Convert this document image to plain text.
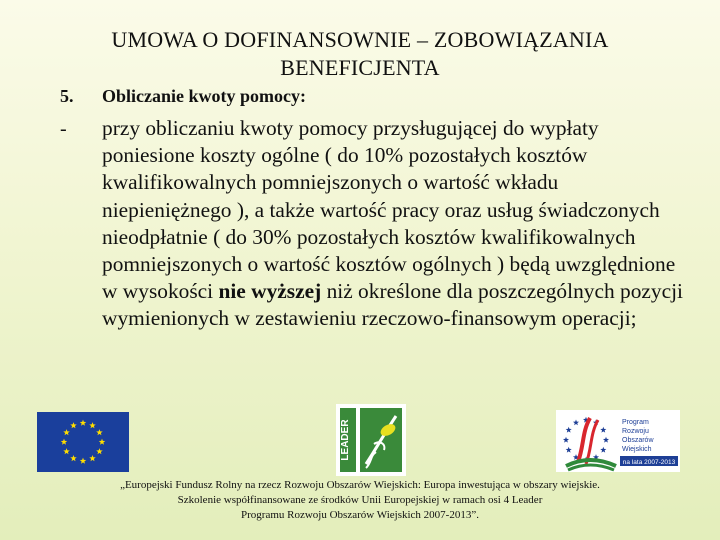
UMOWA O DOFINANSOWNIE – ZOBOWIĄZANIA
BENEFICJENTA
5. Obliczanie kwoty pomocy:
- przy obliczaniu kwoty pomocy przysługującej do wypłaty poniesione koszty ogólne ( do 10% pozostałych kosztów kwalifikowalnych pomniejszonych o wartość wkładu niepieniężnego ), a także wartość pracy oraz usług świadczonych nieodpłatnie ( do 30% pozostałych kosztów kwalifikowalnych pomniejszonych o wartość kosztów ogólnych ) będą uwzględnione w wysokości nie wyższej niż określone dla poszczególnych pozycji wymienionych w zestawieniu rzeczowo-finansowym operacji;
LEADER	Program
Rozwoju
Obszarów
Wiejskich
na lata 2007-2013
„Europejski Fundusz Rolny na rzecz Rozwoju Obszarów Wiejskich: Europa inwestująca w obszary wiejskie.
Szkolenie współfinansowane ze środków Unii Europejskiej w ramach osi 4 Leader
Programu Rozwoju Obszarów Wiejskich 2007-2013”.
